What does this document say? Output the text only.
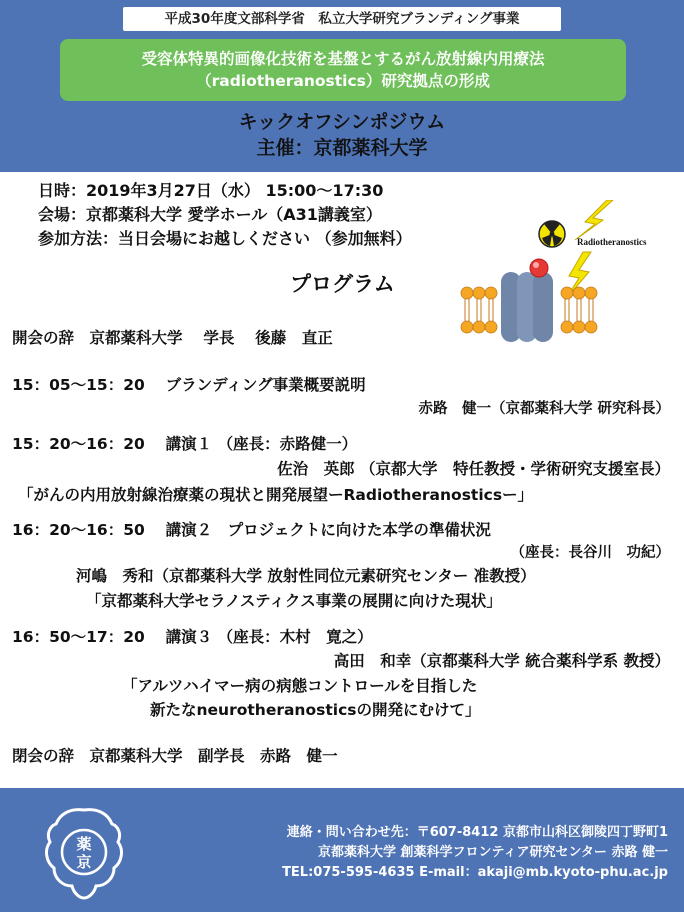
平成30年度文部科学省　私立大学研究ブランディング事業
受容体特異的画像化技術を基盤とするがん放射線内用療法
（radiotheranostics）研究拠点の形成
キックオフシンポジウム
主催：京都薬科大学
日時：2019年3月27日（水） 15:00～17:30
会場：京都薬科大学 愛学ホール（A31講義室）
参加方法：当日会場にお越しください （参加無料）	Radiotheranostics
プログラム
開会の辞　京都薬科大学　 学長　 後藤　直正
15：05～15：20　 ブランディング事業概要説明
赤路　健一（京都薬科大学 研究科長）
15：20～16：20　 講演１ （座長：赤路健一）
佐治　英郎 （京都大学　特任教授・学術研究支援室長）
「がんの内用放射線治療薬の現状と開発展望ーRadiotheranosticsー」
16：20～16：50　 講演２　プロジェクトに向けた本学の準備状況
（座長：長谷川　功紀）
河嶋　秀和（京都薬科大学 放射性同位元素研究センター 准教授）
「京都薬科大学セラノスティクス事業の展開に向けた現状」
16：50～17：20　 講演３ （座長：木村　寛之）
高田　和幸（京都薬科大学 統合薬科学系 教授）
「アルツハイマー病の病態コントロールを目指した
新たなneurotheranosticsの開発にむけて」
閉会の辞　京都薬科大学　副学長　赤路　健一
薬
京
連絡・問い合わせ先：〒607-8412 京都市山科区御陵四丁野町1
京都薬科大学 創薬科学フロンティア研究センター 赤路 健一
TEL:075-595-4635 E-mail：akaji@mb.kyoto-phu.ac.jp
